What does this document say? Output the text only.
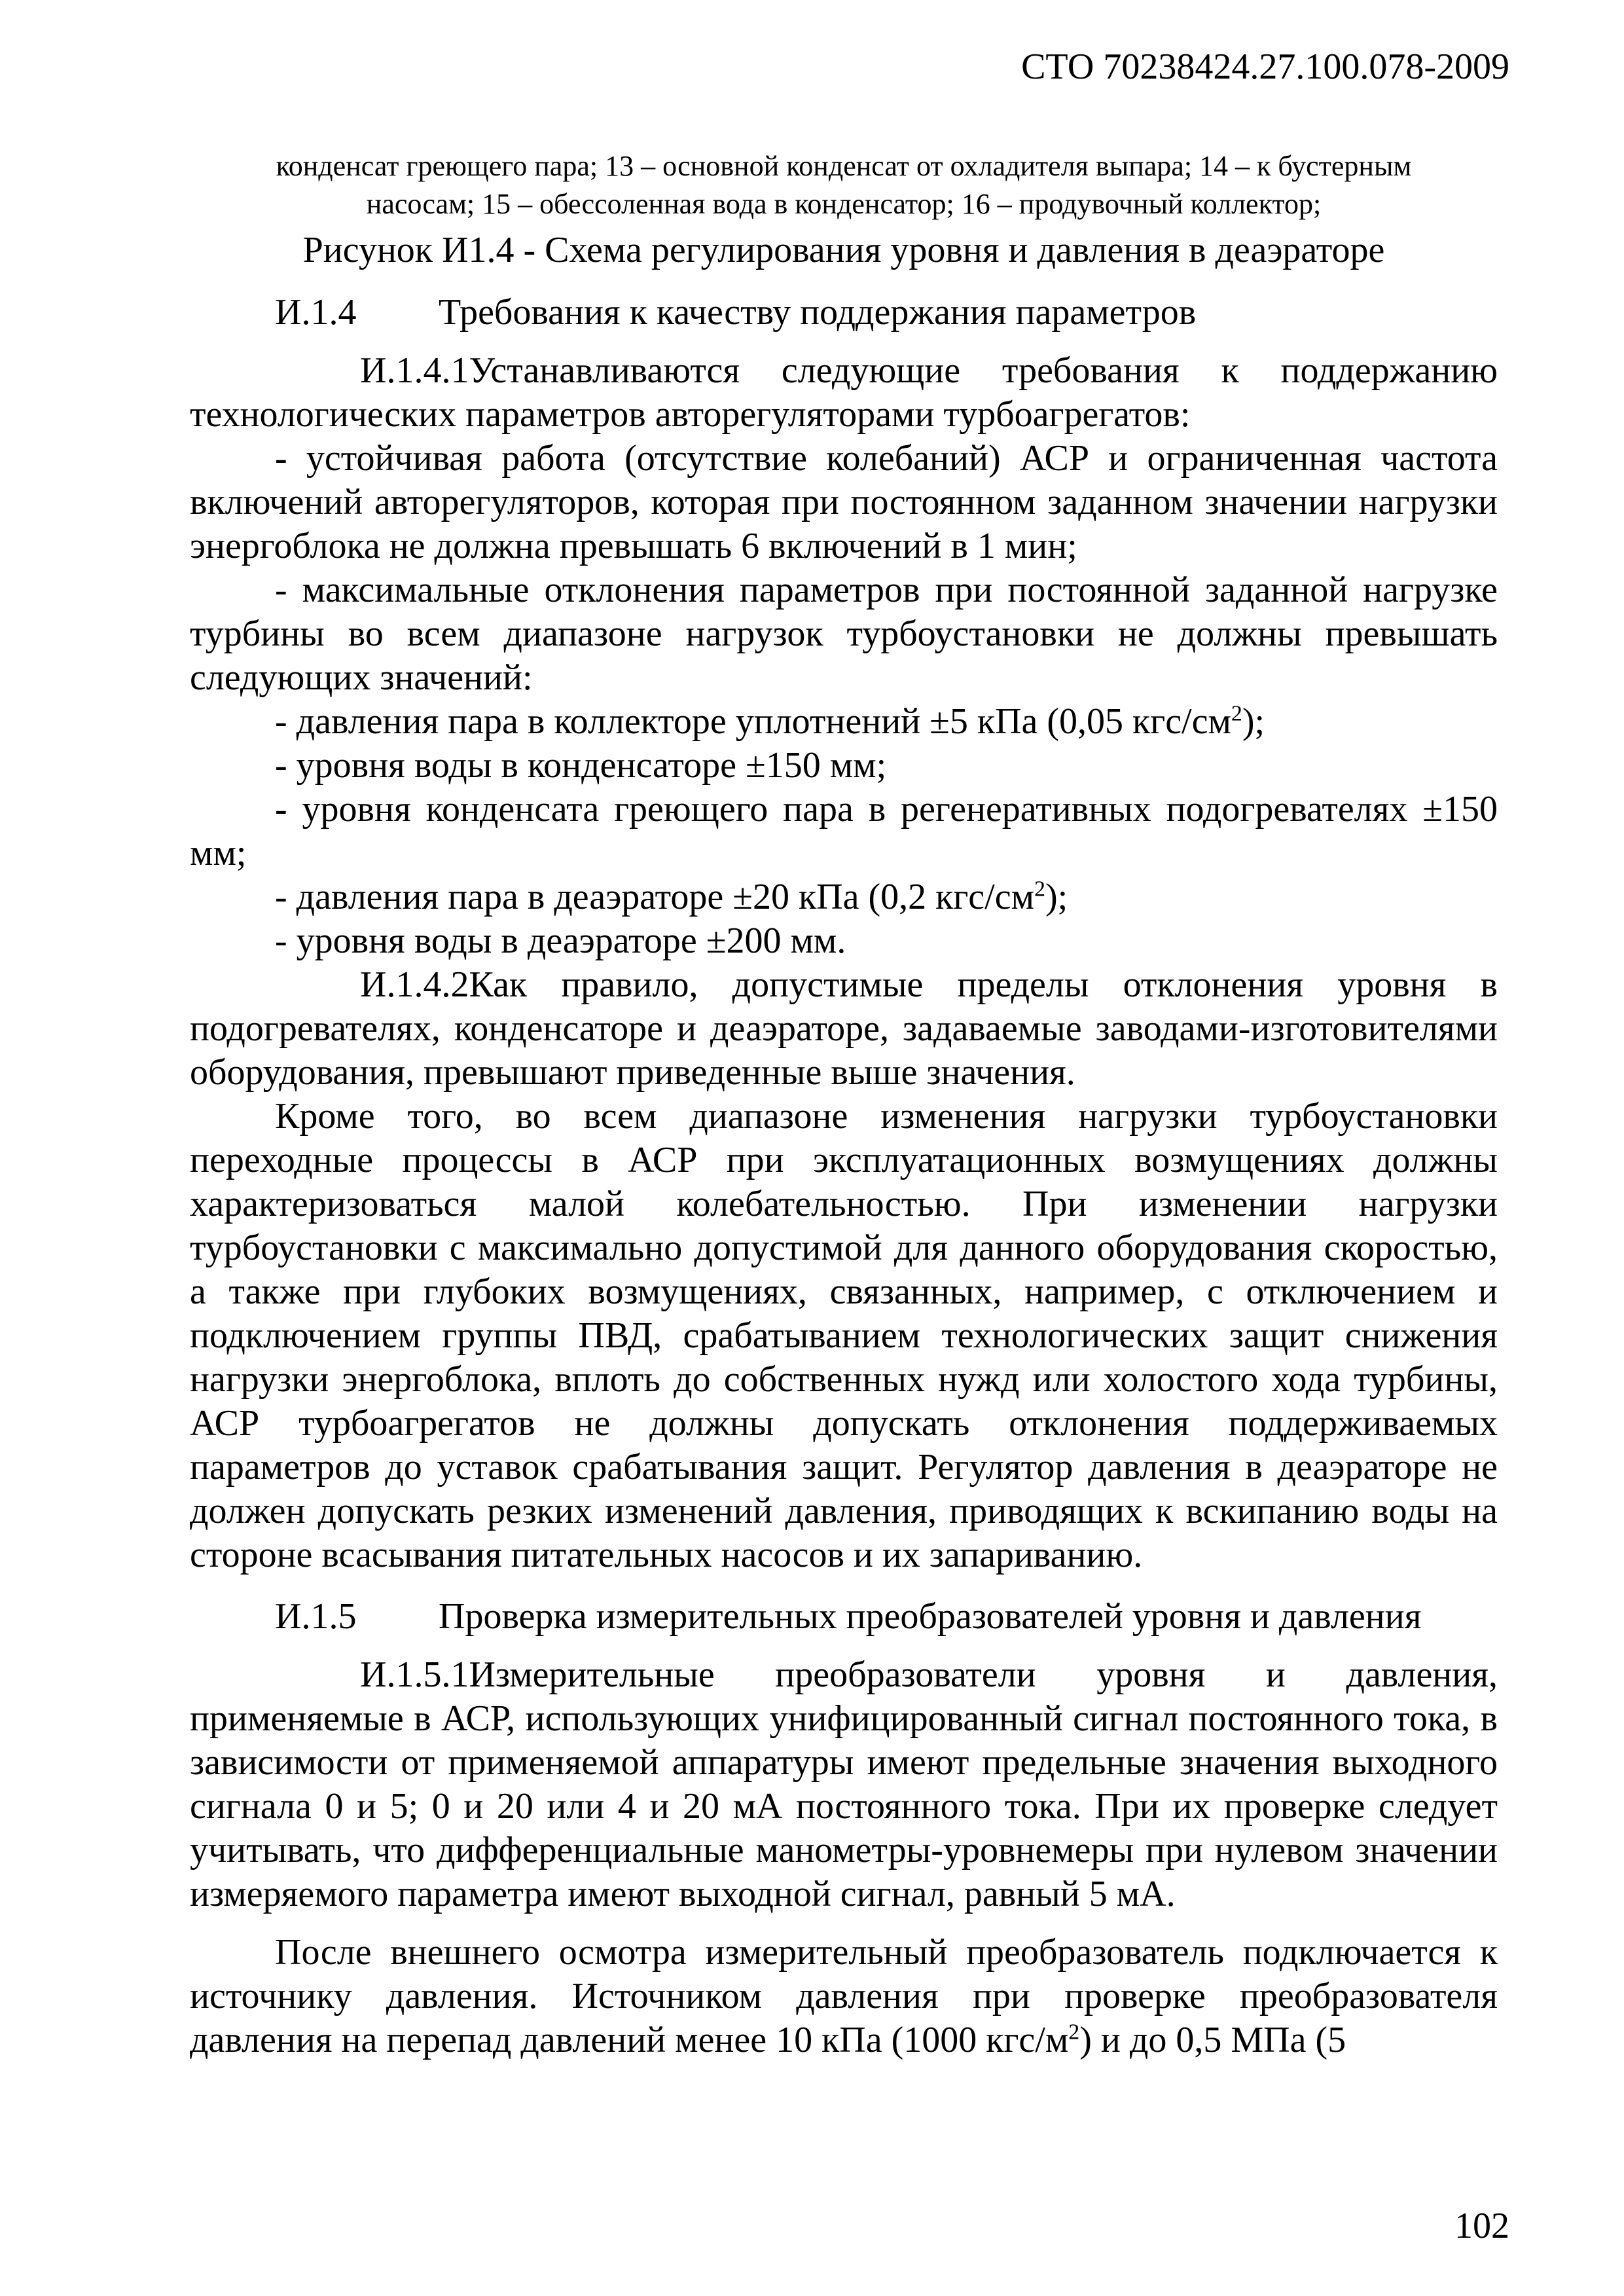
СТО 70238424.27.100.078-2009

конденсат греющего пара; 13 – основной конденсат от охладителя выпара; 14 – к бустерным
насосам; 15 – обессоленная вода в конденсатор; 16 – продувочный коллектор;

Рисунок И1.4 - Схема регулирования уровня и давления в деаэраторе

И.1.4 Требования к качеству поддержания параметров

И.1.4.1Устанавливаются следующие требования к поддержанию технологических параметров авторегуляторами турбоагрегатов:

- устойчивая работа (отсутствие колебаний) АСР и ограниченная частота включений авторегуляторов, которая при постоянном заданном значении нагрузки энергоблока не должна превышать 6 включений в 1 мин;

- максимальные отклонения параметров при постоянной заданной нагрузке турбины во всем диапазоне нагрузок турбоустановки не должны превышать следующих значений:

- давления пара в коллекторе уплотнений ±5 кПа (0,05 кгс/$см^2$);

- уровня воды в конденсаторе ±150 мм;

- уровня конденсата греющего пара в регенеративных подогревателях ±150 мм;

- давления пара в деаэраторе ±20 кПа (0,2 кгс/$см^2$);

- уровня воды в деаэраторе ±200 мм.

И.1.4.2Как правило, допустимые пределы отклонения уровня в подогревателях, конденсаторе и деаэраторе, задаваемые заводами-изготовителями оборудования, превышают приведенные выше значения.

Кроме того, во всем диапазоне изменения нагрузки турбоустановки переходные процессы в АСР при эксплуатационных возмущениях должны характеризоваться малой колебательностью. При изменении нагрузки турбоустановки с максимально допустимой для данного оборудования скоростью, а также при глубоких возмущениях, связанных, например, с отключением и подключением группы ПВД, срабатыванием технологических защит снижения нагрузки энергоблока, вплоть до собственных нужд или холостого хода турбины, АСР турбоагрегатов не должны допускать отклонения поддерживаемых параметров до уставок срабатывания защит. Регулятор давления в деаэраторе не должен допускать резких изменений давления, приводящих к вскипанию воды на стороне всасывания питательных насосов и их запариванию.

И.1.5 Проверка измерительных преобразователей уровня и давления

И.1.5.1Измерительные преобразователи уровня и давления, применяемые в АСР, использующих унифицированный сигнал постоянного тока, в зависимости от применяемой аппаратуры имеют предельные значения выходного сигнала 0 и 5; 0 и 20 или 4 и 20 мА постоянного тока. При их проверке следует учитывать, что дифференциальные манометры-уровнемеры при нулевом значении измеряемого параметра имеют выходной сигнал, равный 5 мА.

После внешнего осмотра измерительный преобразователь подключается к источнику давления. Источником давления при проверке преобразователя давления на перепад давлений менее 10 кПа (1000 кгс/$м^2$) и до 0,5 МПа (5

102
